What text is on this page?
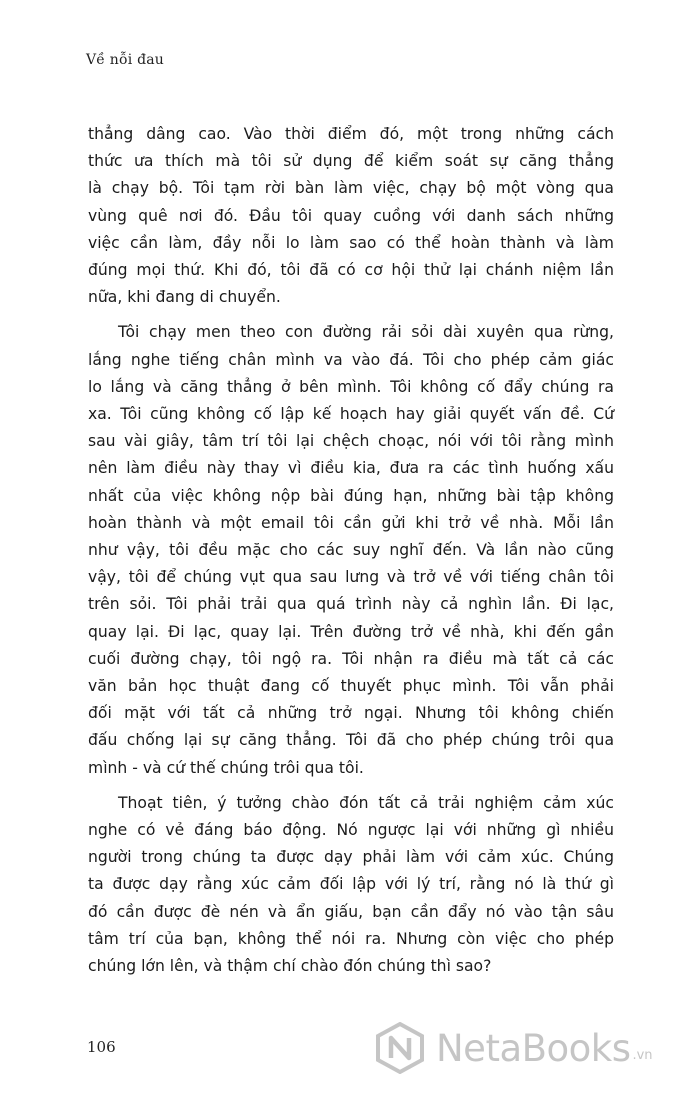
Về nỗi đau
thẳng dâng cao. Vào thời điểm đó, một trong những cách
thức ưa thích mà tôi sử dụng để kiểm soát sự căng thẳng
là chạy bộ. Tôi tạm rời bàn làm việc, chạy bộ một vòng qua
vùng quê nơi đó. Đầu tôi quay cuồng với danh sách những
việc cần làm, đầy nỗi lo làm sao có thể hoàn thành và làm
đúng mọi thứ. Khi đó, tôi đã có cơ hội thử lại chánh niệm lần
nữa, khi đang di chuyển.
Tôi chạy men theo con đường rải sỏi dài xuyên qua rừng,
lắng nghe tiếng chân mình va vào đá. Tôi cho phép cảm giác
lo lắng và căng thẳng ở bên mình. Tôi không cố đẩy chúng ra
xa. Tôi cũng không cố lập kế hoạch hay giải quyết vấn đề. Cứ
sau vài giây, tâm trí tôi lại chệch choạc, nói với tôi rằng mình
nên làm điều này thay vì điều kia, đưa ra các tình huống xấu
nhất của việc không nộp bài đúng hạn, những bài tập không
hoàn thành và một email tôi cần gửi khi trở về nhà. Mỗi lần
như vậy, tôi đều mặc cho các suy nghĩ đến. Và lần nào cũng
vậy, tôi để chúng vụt qua sau lưng và trở về với tiếng chân tôi
trên sỏi. Tôi phải trải qua quá trình này cả nghìn lần. Đi lạc,
quay lại. Đi lạc, quay lại. Trên đường trở về nhà, khi đến gần
cuối đường chạy, tôi ngộ ra. Tôi nhận ra điều mà tất cả các
văn bản học thuật đang cố thuyết phục mình. Tôi vẫn phải
đối mặt với tất cả những trở ngại. Nhưng tôi không chiến
đấu chống lại sự căng thẳng. Tôi đã cho phép chúng trôi qua
mình - và cứ thế chúng trôi qua tôi.
Thoạt tiên, ý tưởng chào đón tất cả trải nghiệm cảm xúc
nghe có vẻ đáng báo động. Nó ngược lại với những gì nhiều
người trong chúng ta được dạy phải làm với cảm xúc. Chúng
ta được dạy rằng xúc cảm đối lập với lý trí, rằng nó là thứ gì
đó cần được đè nén và ẩn giấu, bạn cần đẩy nó vào tận sâu
tâm trí của bạn, không thể nói ra. Nhưng còn việc cho phép
chúng lớn lên, và thậm chí chào đón chúng thì sao?
106	NetaBooks .vn
